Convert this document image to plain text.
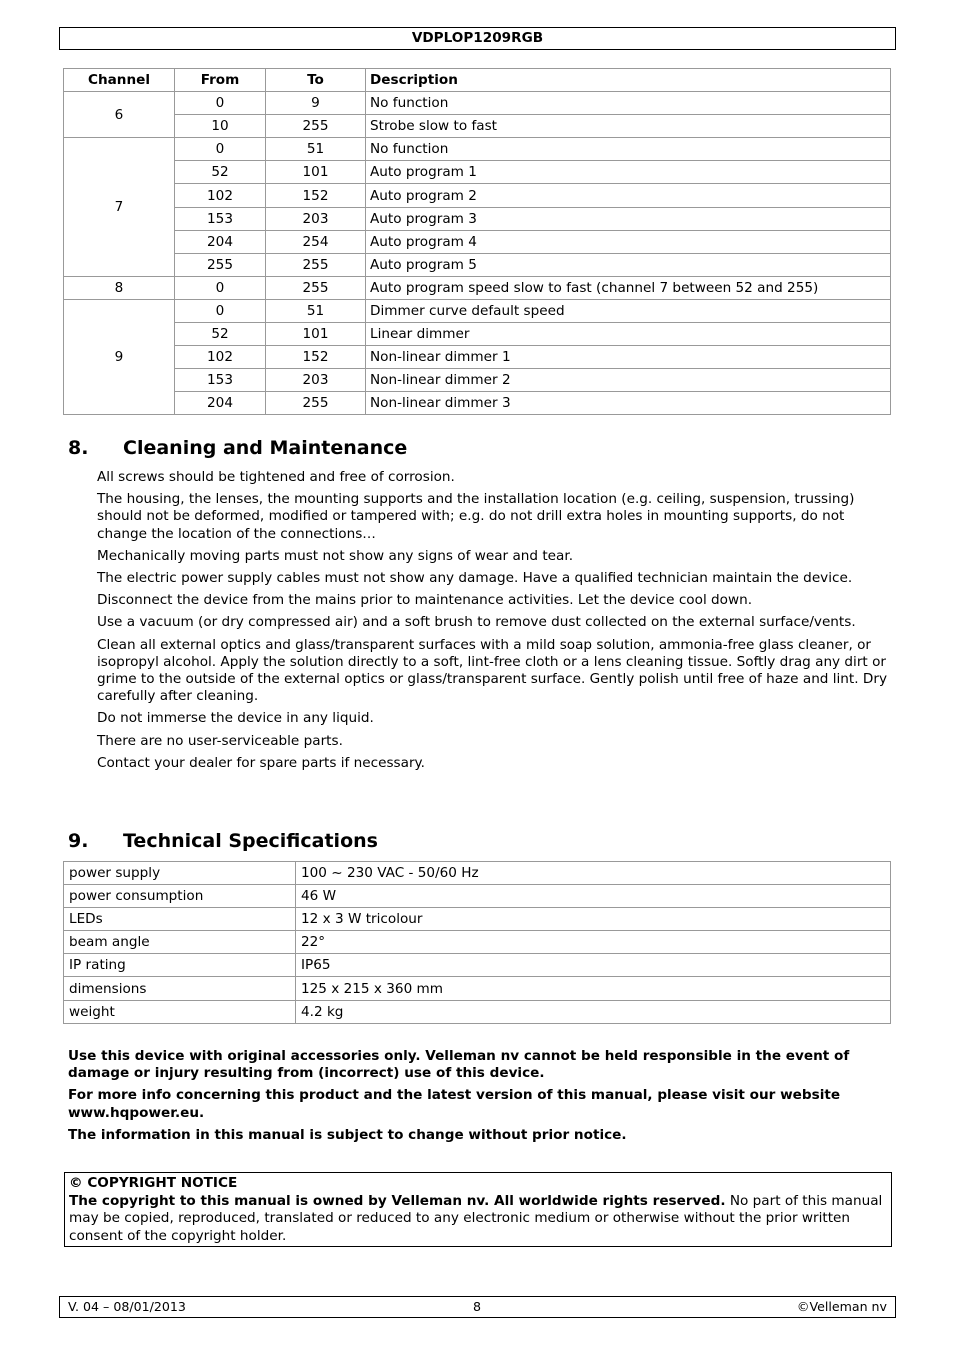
VDPLOP1209RGB
Channel	From	To	Description
6	0	9	No function
	10	255	Strobe slow to fast
7	0	51	No function
	52	101	Auto program 1
	102	152	Auto program 2
	153	203	Auto program 3
	204	254	Auto program 4
	255	255	Auto program 5
8	0	255	Auto program speed slow to fast (channel 7 between 52 and 255)
9	0	51	Dimmer curve default speed
	52	101	Linear dimmer
	102	152	Non-linear dimmer 1
	153	203	Non-linear dimmer 2
	204	255	Non-linear dimmer 3
8. Cleaning and Maintenance

All screws should be tightened and free of corrosion.

The housing, the lenses, the mounting supports and the installation location (e.g. ceiling, suspension, trussing) should not be deformed, modified or tampered with; e.g. do not drill extra holes in mounting supports, do not change the location of the connections…

Mechanically moving parts must not show any signs of wear and tear.

The electric power supply cables must not show any damage. Have a qualified technician maintain the device.

Disconnect the device from the mains prior to maintenance activities. Let the device cool down.

Use a vacuum (or dry compressed air) and a soft brush to remove dust collected on the external surface/vents.

Clean all external optics and glass/transparent surfaces with a mild soap solution, ammonia-free glass cleaner, or isopropyl alcohol. Apply the solution directly to a soft, lint-free cloth or a lens cleaning tissue. Softly drag any dirt or grime to the outside of the external optics or glass/transparent surface. Gently polish until free of haze and lint. Dry carefully after cleaning.

Do not immerse the device in any liquid.

There are no user-serviceable parts.

Contact your dealer for spare parts if necessary.

9. Technical Specifications
power supply	100 ~ 230 VAC - 50/60 Hz
power consumption	46 W
LEDs	12 x 3 W tricolour
beam angle	22°
IP rating	IP65
dimensions	125 x 215 x 360 mm
weight	4.2 kg

Use this device with original accessories only. Velleman nv cannot be held responsible in the event of damage or injury resulting from (incorrect) use of this device.

For more info concerning this product and the latest version of this manual, please visit our website www.hqpower.eu.

The information in this manual is subject to change without prior notice.

© COPYRIGHT NOTICE

The copyright to this manual is owned by Velleman nv. All worldwide rights reserved. No part of this manual may be copied, reproduced, translated or reduced to any electronic medium or otherwise without the prior written consent of the copyright holder.

V. 04 – 08/01/2013	8	©Velleman nv
